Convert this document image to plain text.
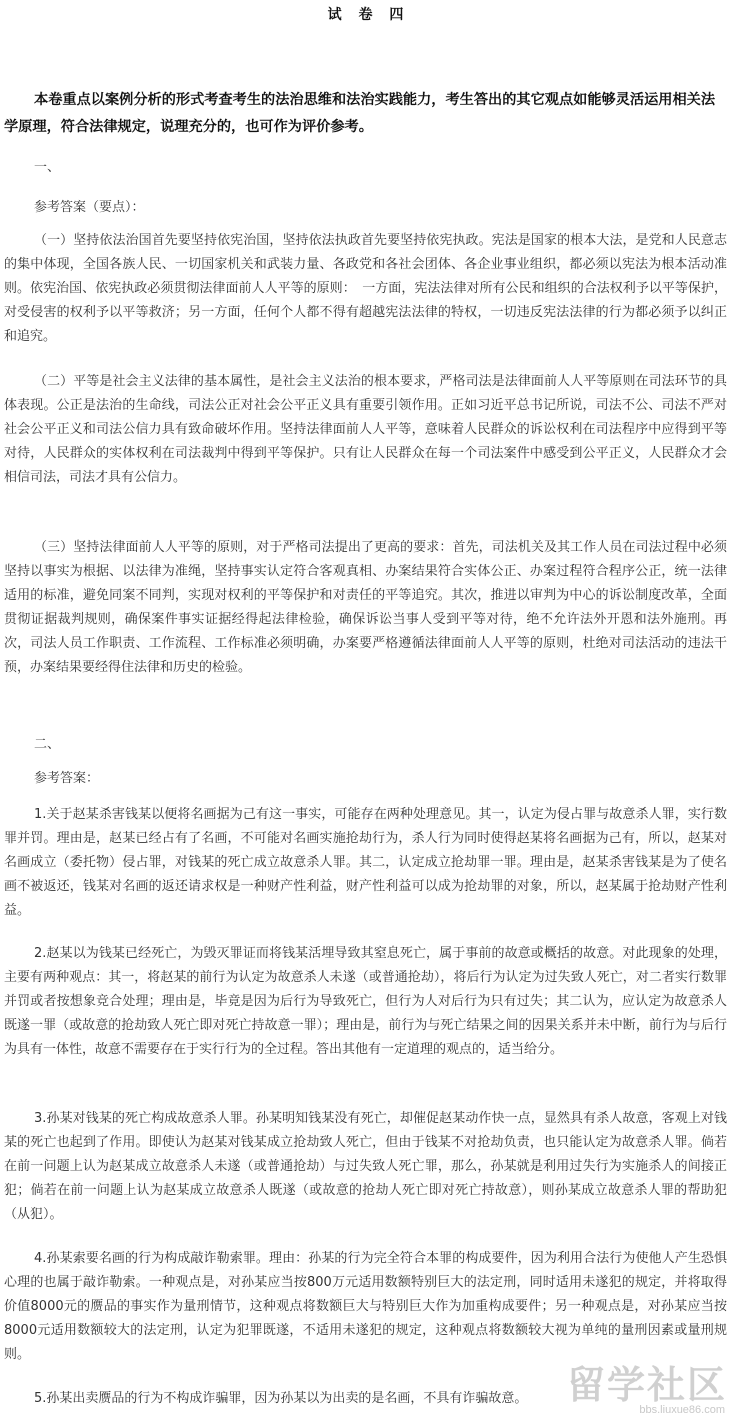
试 卷 四

本卷重点以案例分析的形式考查考生的法治思维和法治实践能力，考生答出的其它观点如能够灵活运用相关法学原理，符合法律规定，说理充分的，也可作为评价参考。

一、

参考答案（要点）：

（一）坚持依法治国首先要坚持依宪治国，坚持依法执政首先要坚持依宪执政。宪法是国家的根本大法，是党和人民意志的集中体现，全国各族人民、一切国家机关和武装力量、各政党和各社会团体、各企业事业组织，都必须以宪法为根本活动准则。依宪治国、依宪执政必须贯彻法律面前人人平等的原则：　一方面，宪法法律对所有公民和组织的合法权利予以平等保护，对受侵害的权利予以平等救济；另一方面，任何个人都不得有超越宪法法律的特权，一切违反宪法法律的行为都必须予以纠正和追究。

（二）平等是社会主义法律的基本属性，是社会主义法治的根本要求，严格司法是法律面前人人平等原则在司法环节的具体表现。公正是法治的生命线，司法公正对社会公平正义具有重要引领作用。正如习近平总书记所说，司法不公、司法不严对社会公平正义和司法公信力具有致命破坏作用。坚持法律面前人人平等，意味着人民群众的诉讼权利在司法程序中应得到平等对待，人民群众的实体权利在司法裁判中得到平等保护。只有让人民群众在每一个司法案件中感受到公平正义，人民群众才会相信司法，司法才具有公信力。

（三）坚持法律面前人人平等的原则，对于严格司法提出了更高的要求：首先，司法机关及其工作人员在司法过程中必须坚持以事实为根据、以法律为准绳，坚持事实认定符合客观真相、办案结果符合实体公正、办案过程符合程序公正，统一法律适用的标准，避免同案不同判，实现对权利的平等保护和对责任的平等追究。其次，推进以审判为中心的诉讼制度改革，全面贯彻证据裁判规则，确保案件事实证据经得起法律检验，确保诉讼当事人受到平等对待，绝不允许法外开恩和法外施刑。再次，司法人员工作职责、工作流程、工作标准必须明确，办案要严格遵循法律面前人人平等的原则，杜绝对司法活动的违法干预，办案结果要经得住法律和历史的检验。

二、

参考答案：

1.关于赵某杀害钱某以便将名画据为己有这一事实，可能存在两种处理意见。其一，认定为侵占罪与故意杀人罪，实行数罪并罚。理由是，赵某已经占有了名画，不可能对名画实施抢劫行为，杀人行为同时使得赵某将名画据为己有，所以，赵某对名画成立（委托物）侵占罪，对钱某的死亡成立故意杀人罪。其二，认定成立抢劫罪一罪。理由是，赵某杀害钱某是为了使名画不被返还，钱某对名画的返还请求权是一种财产性利益，财产性利益可以成为抢劫罪的对象，所以，赵某属于抢劫财产性利益。

2.赵某以为钱某已经死亡，为毁灭罪证而将钱某活埋导致其窒息死亡，属于事前的故意或概括的故意。对此现象的处理，主要有两种观点：其一，将赵某的前行为认定为故意杀人未遂（或普通抢劫），将后行为认定为过失致人死亡，对二者实行数罪并罚或者按想象竞合处理；理由是，毕竟是因为后行为导致死亡，但行为人对后行为只有过失；其二认为，应认定为故意杀人既遂一罪（或故意的抢劫致人死亡即对死亡持故意一罪）；理由是，前行为与死亡结果之间的因果关系并未中断，前行为与后行为具有一体性，故意不需要存在于实行行为的全过程。答出其他有一定道理的观点的，适当给分。

3.孙某对钱某的死亡构成故意杀人罪。孙某明知钱某没有死亡，却催促赵某动作快一点，显然具有杀人故意，客观上对钱某的死亡也起到了作用。即使认为赵某对钱某成立抢劫致人死亡，但由于钱某不对抢劫负责，也只能认定为故意杀人罪。倘若在前一问题上认为赵某成立故意杀人未遂（或普通抢劫）与过失致人死亡罪，那么，孙某就是利用过失行为实施杀人的间接正犯；倘若在前一问题上认为赵某成立故意杀人既遂（或故意的抢劫人死亡即对死亡持故意），则孙某成立故意杀人罪的帮助犯（从犯）。

4.孙某索要名画的行为构成敲诈勒索罪。理由：孙某的行为完全符合本罪的构成要件，因为利用合法行为使他人产生恐惧心理的也属于敲诈勒索。一种观点是，对孙某应当按800万元适用数额特别巨大的法定刑，同时适用未遂犯的规定，并将取得价值8000元的赝品的事实作为量刑情节，这种观点将数额巨大与特别巨大作为加重构成要件；另一种观点是，对孙某应当按8000元适用数额较大的法定刑，认定为犯罪既遂，不适用未遂犯的规定，这种观点将数额较大视为单纯的量刑因素或量刑规则。

5.孙某出卖赝品的行为不构成诈骗罪，因为孙某以为出卖的是名画，不具有诈骗故意。	留学社区
bbs.liuxue86.com
